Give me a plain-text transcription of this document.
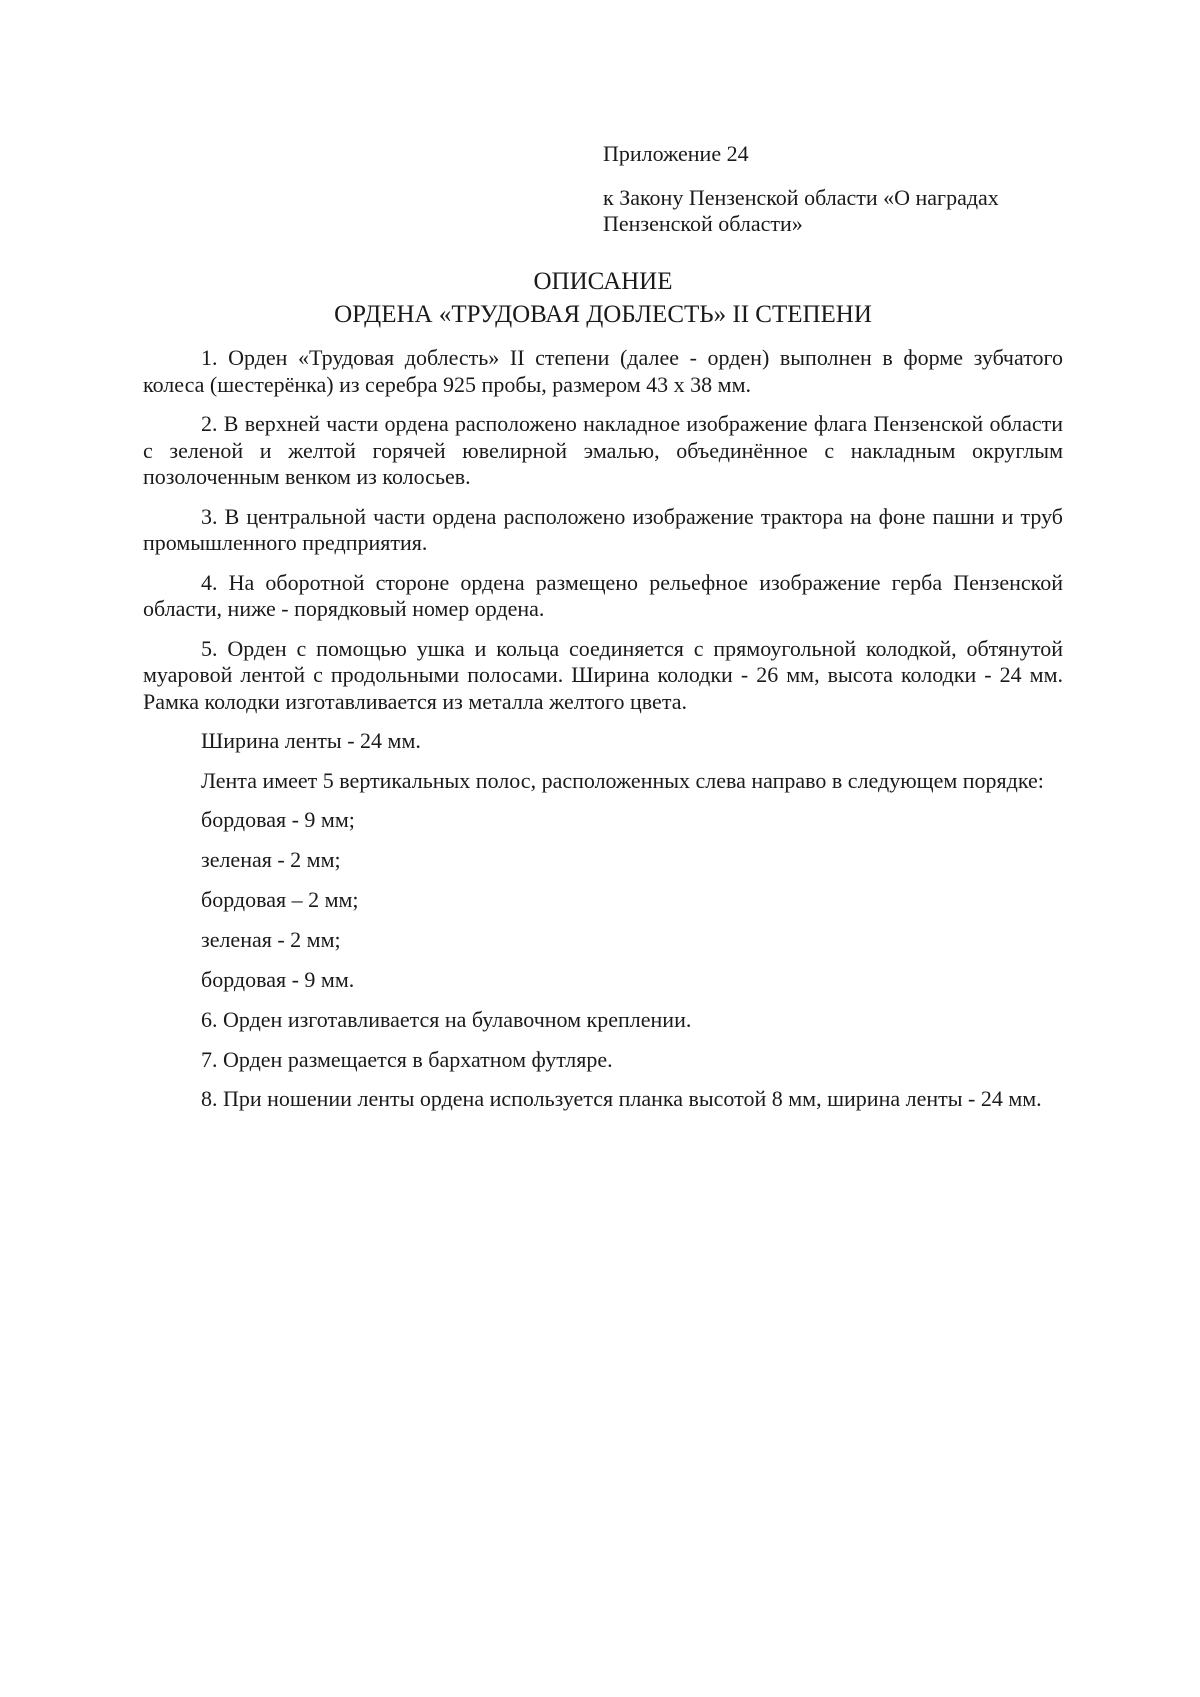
Приложение 24

к Закону Пензенской области «О наградах Пензенской области»

ОПИСАНИЕ
ОРДЕНА «ТРУДОВАЯ ДОБЛЕСТЬ» II СТЕПЕНИ

1. Орден «Трудовая доблесть» II степени (далее - орден) выполнен в форме зубчатого колеса (шестерёнка) из серебра 925 пробы, размером 43 х 38 мм.

2. В верхней части ордена расположено накладное изображение флага Пензенской области с зеленой и желтой горячей ювелирной эмалью, объединённое с накладным округлым позолоченным венком из колосьев.

3. В центральной части ордена расположено изображение трактора на фоне пашни и труб промышленного предприятия.

4. На оборотной стороне ордена размещено рельефное изображение герба Пензенской области, ниже - порядковый номер ордена.

5. Орден с помощью ушка и кольца соединяется с прямоугольной колодкой, обтянутой муаровой лентой с продольными полосами. Ширина колодки - 26 мм, высота колодки - 24 мм. Рамка колодки изготавливается из металла желтого цвета.

Ширина ленты - 24 мм.

Лента имеет 5 вертикальных полос, расположенных слева направо в следующем порядке:

бордовая - 9 мм;
зеленая - 2 мм;
бордовая – 2 мм;
зеленая - 2 мм;
бордовая - 9 мм.

6. Орден изготавливается на булавочном креплении.

7. Орден размещается в бархатном футляре.

8. При ношении ленты ордена используется планка высотой 8 мм, ширина ленты - 24 мм.
